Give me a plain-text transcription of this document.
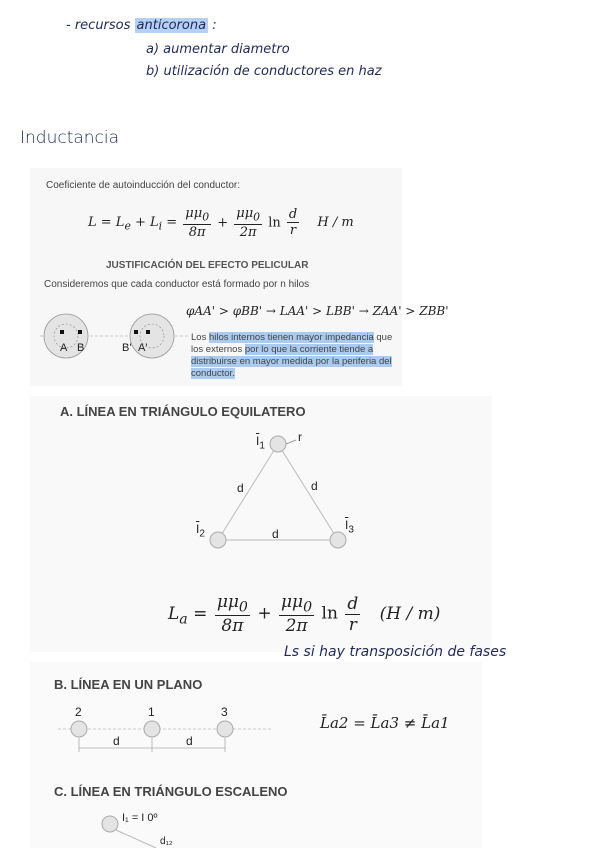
- recursos anticorona :
a) aumentar diametro
b) utilización de conductores en haz
Inductancia
Coeficiente de autoinducción del conductor:
$L = L_e + L_i = \frac{\mu\mu_0}{8\pi} + \frac{\mu\mu_0}{2\pi}$ $\ln \frac{d}{r}$ H / m
JUSTIFICACIÓN DEL EFECTO PELICULAR
Consideremos que cada conductor está formado por n hilos
φAA' > φBB' → LAA' > LBB' → ZAA' > ZBB'
A B	B' A'
Los hilos internos tienen mayor impedancia que
los externos por lo que la corriente tiende a
distribuirse en mayor medida por la periferia del
conductor.
A. LÍNEA EN TRIÁNGULO EQUILATERO
$\overline{I}_1$
r
d	d
$\overline{I}_2$	d
$\overline{I}_3$
$L_a = \frac{\mu\mu_0}{8\pi} + \frac{\mu\mu_0}{2\pi}$ $\ln \frac{d}{r} (H / m)$
Ls si hay transposición de fases
B. LÍNEA EN UN PLANO
2	1	3
d	d
L̄a2 = L̄a3 ≠ L̄a1
C. LÍNEA EN TRIÁNGULO ESCALENO
I₁ = I 0º
d₁₂
